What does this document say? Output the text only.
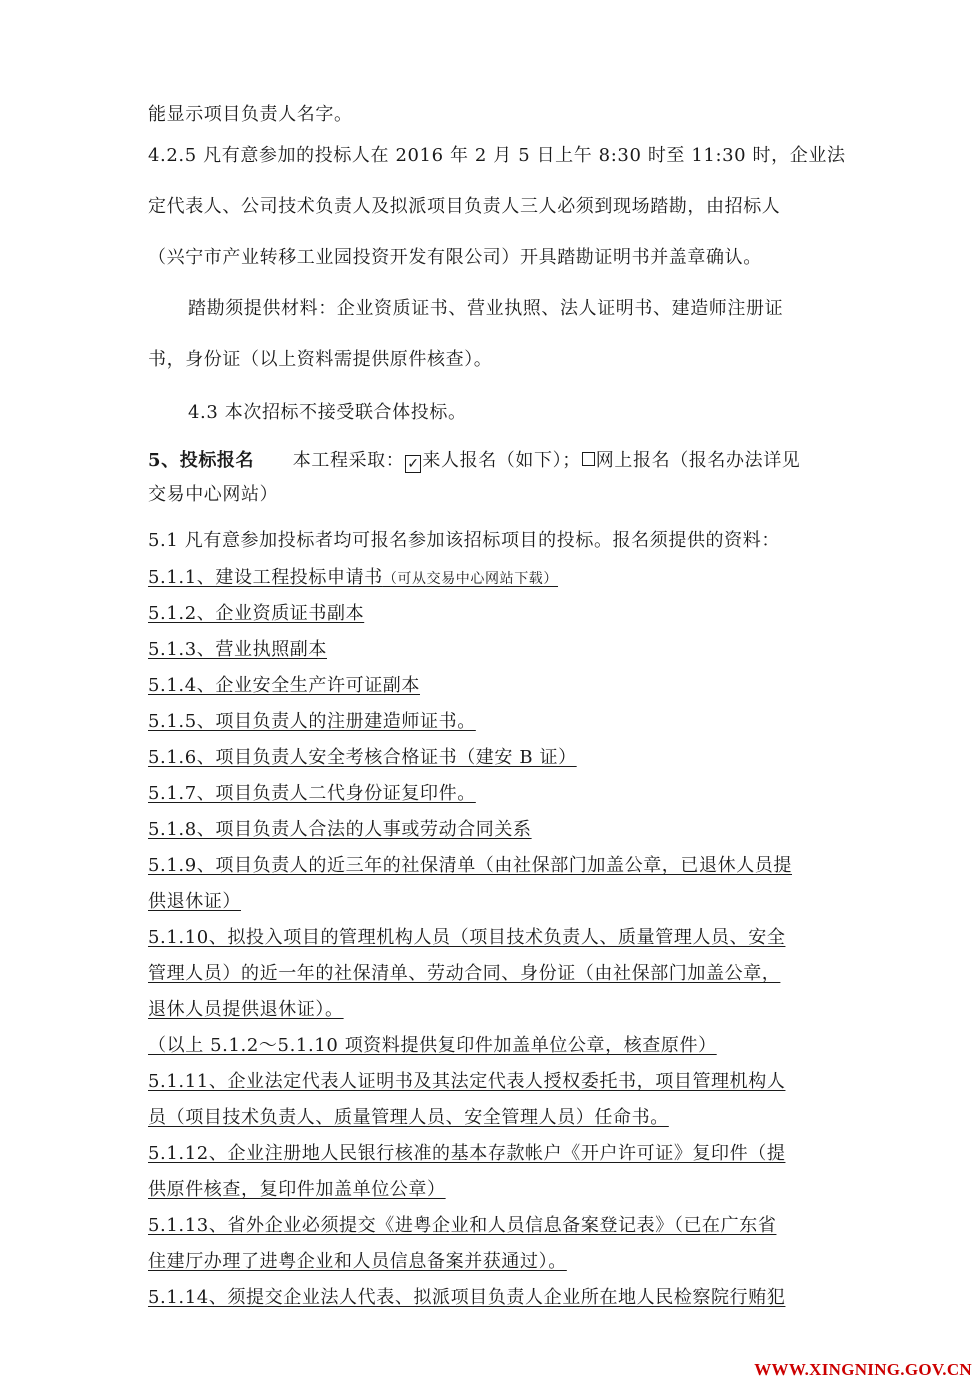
能显示项目负责人名字。
4.2.5 凡有意参加的投标人在 2016 年 2 月 5 日上午 8:30 时至 11:30 时，企业法
定代表人、公司技术负责人及拟派项目负责人三人必须到现场踏勘，由招标人
（兴宁市产业转移工业园投资开发有限公司）开具踏勘证明书并盖章确认。
踏勘须提供材料：企业资质证书、营业执照、法人证明书、建造师注册证
书，身份证（以上资料需提供原件核查）。
4.3 本次招标不接受联合体投标。
5、投标报名 本工程采取： ✓ 来人报名（如下）； 网上报名（报名办法详见
交易中心网站）
5.1 凡有意参加投标者均可报名参加该招标项目的投标。报名须提供的资料：
5.1.1、建设工程投标申请书（可从交易中心网站下载）
5.1.2、企业资质证书副本
5.1.3、营业执照副本
5.1.4、企业安全生产许可证副本
5.1.5、项目负责人的注册建造师证书。
5.1.6、项目负责人安全考核合格证书（建安 B 证）
5.1.7、项目负责人二代身份证复印件。
5.1.8、项目负责人合法的人事或劳动合同关系
5.1.9、项目负责人的近三年的社保清单（由社保部门加盖公章，已退休人员提
供退休证）
5.1.10、拟投入项目的管理机构人员（项目技术负责人、质量管理人员、安全
管理人员）的近一年的社保清单、劳动合同、身份证（由社保部门加盖公章，
退休人员提供退休证）。
（以上 5.1.2～5.1.10 项资料提供复印件加盖单位公章，核查原件）
5.1.11、企业法定代表人证明书及其法定代表人授权委托书，项目管理机构人
员（项目技术负责人、质量管理人员、安全管理人员）任命书。
5.1.12、企业注册地人民银行核准的基本存款帐户《开户许可证》复印件（提
供原件核查，复印件加盖单位公章）
5.1.13、省外企业必须提交《进粤企业和人员信息备案登记表》（已在广东省
住建厅办理了进粤企业和人员信息备案并获通过）。
5.1.14、须提交企业法人代表、拟派项目负责人企业所在地人民检察院行贿犯
WWW.XINGNING.GOV.CN
